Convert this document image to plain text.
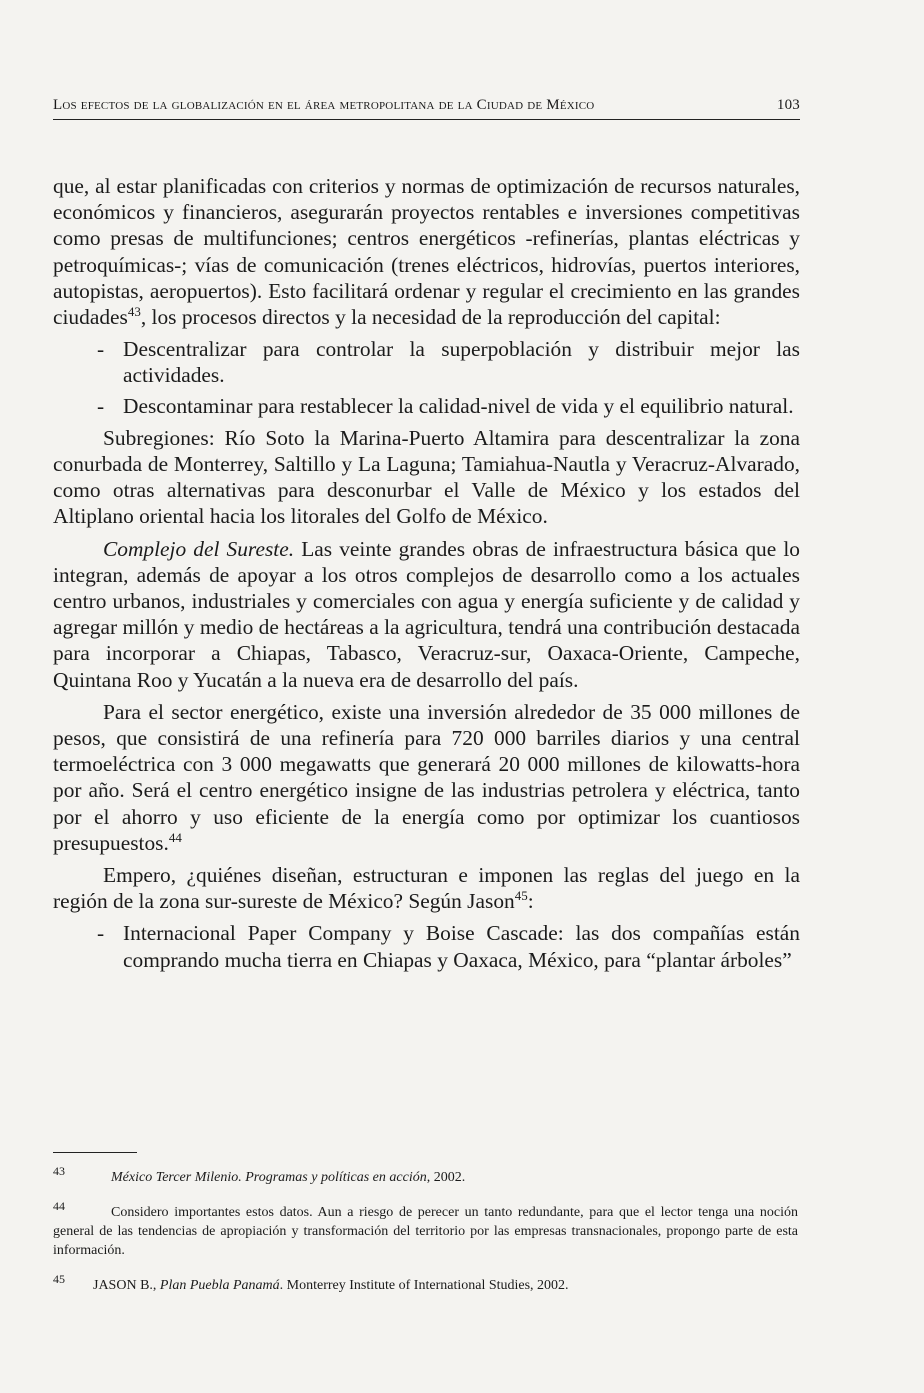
Los efectos de la globalización en el área metropolitana de la Ciudad de México	103

que, al estar planificadas con criterios y normas de optimización de recursos naturales, económicos y financieros, asegurarán proyectos rentables e inversiones competitivas como presas de multifunciones; centros energéticos -refinerías, plantas eléctricas y petroquímicas-; vías de comunicación (trenes eléctricos, hidrovías, puertos interiores, autopistas, aeropuertos). Esto facilitará ordenar y regular el crecimiento en las grandes ciudades$^{43}$, los procesos directos y la necesidad de la reproducción del capital:

- Descentralizar para controlar la superpoblación y distribuir mejor las actividades.
- Descontaminar para restablecer la calidad-nivel de vida y el equilibrio natural.

Subregiones: Río Soto la Marina-Puerto Altamira para descentralizar la zona conurbada de Monterrey, Saltillo y La Laguna; Tamiahua-Nautla y Veracruz-Alvarado, como otras alternativas para desconurbar el Valle de México y los estados del Altiplano oriental hacia los litorales del Golfo de México.

Complejo del Sureste. Las veinte grandes obras de infraestructura básica que lo integran, además de apoyar a los otros complejos de desarrollo como a los actuales centro urbanos, industriales y comerciales con agua y energía suficiente y de calidad y agregar millón y medio de hectáreas a la agricultura, tendrá una contribución destacada para incorporar a Chiapas, Tabasco, Veracruz-sur, Oaxaca-Oriente, Campeche, Quintana Roo y Yucatán a la nueva era de desarrollo del país.

Para el sector energético, existe una inversión alrededor de 35 000 millones de pesos, que consistirá de una refinería para 720 000 barriles diarios y una central termoeléctrica con 3 000 megawatts que generará 20 000 millones de kilowatts-hora por año. Será el centro energético insigne de las industrias petrolera y eléctrica, tanto por el ahorro y uso eficiente de la energía como por optimizar los cuantiosos presupuestos.$^{44}$

Empero, ¿quiénes diseñan, estructuran e imponen las reglas del juego en la región de la zona sur-sureste de México? Según Jason$^{45}$:

- Internacional Paper Company y Boise Cascade: las dos compañías están comprando mucha tierra en Chiapas y Oaxaca, México, para “plantar árboles”

43	México Tercer Milenio. Programas y políticas en acción, 2002.

44	Considero importantes estos datos. Aun a riesgo de perecer un tanto redundante, para que el lector tenga una noción general de las tendencias de apropiación y transformación del territorio por las empresas transnacionales, propongo parte de esta información.

45 JASON B., Plan Puebla Panamá. Monterrey Institute of International Studies, 2002.
